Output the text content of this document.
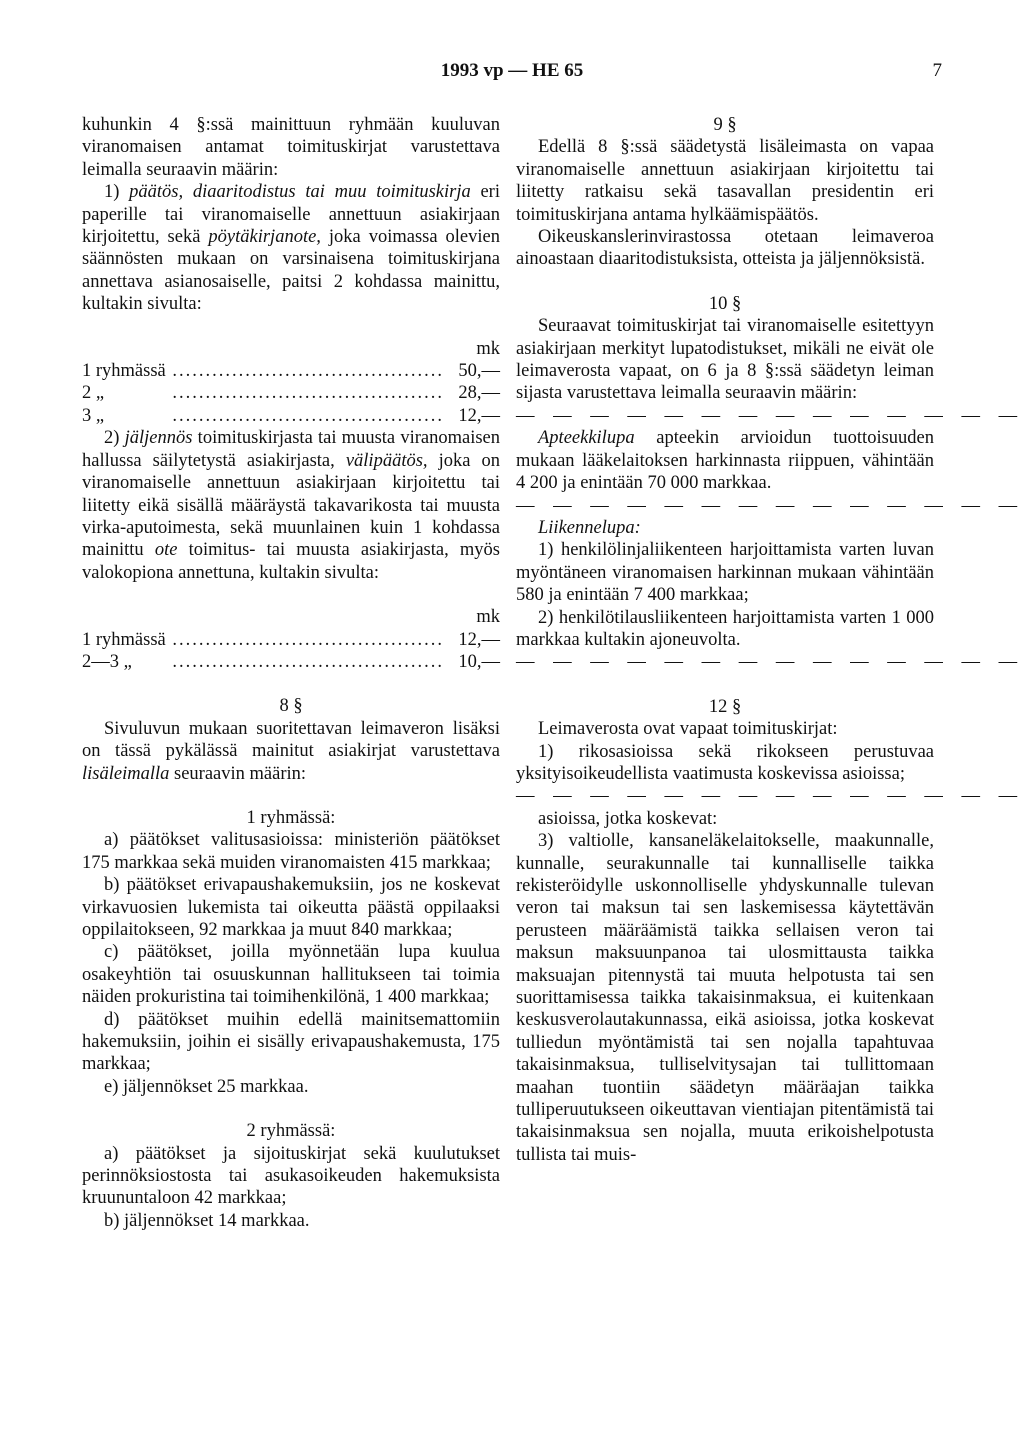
1993 vp — HE 65	7

kuhunkin 4 §:ssä mainittuun ryhmään kuuluvan viranomaisen antamat toimituskirjat varustettava leimalla seuraavin määrin:

1) päätös, diaaritodistus tai muu toimituskirja eri paperille tai viranomaiselle annettuun asiakirjaan kirjoitettu, sekä pöytäkirjanote, joka voimassa olevien säännösten mukaan on varsinaisena toimituskirjana annettava asianosaiselle, paitsi 2 kohdassa mainittu, kultakin sivulta:

mk

1 ryhmässä ......................................... 50,—
2 „	......................................... 28,—
3 „	......................................... 12,—

2) jäljennös toimituskirjasta tai muusta viranomaisen hallussa säilytetystä asiakirjasta, välipäätös, joka on viranomaiselle annettuun asiakirjaan kirjoitettu tai liitetty eikä sisällä määräystä takavarikosta tai muusta virka-aputoimesta, sekä muunlainen kuin 1 kohdassa mainittu ote toimitus- tai muusta asiakirjasta, myös valokopiona annettuna, kultakin sivulta:

mk

1 ryhmässä ......................................... 12,—
2—3 „	......................................... 10,—

8 §

Sivuluvun mukaan suoritettavan leimaveron lisäksi on tässä pykälässä mainitut asiakirjat varustettava lisäleimalla seuraavin määrin:

1 ryhmässä:

a) päätökset valitusasioissa: ministeriön päätökset 175 markkaa sekä muiden viranomaisten 415 markkaa;

b) päätökset erivapaushakemuksiin, jos ne koskevat virkavuosien lukemista tai oikeutta päästä oppilaaksi oppilaitokseen, 92 markkaa ja muut 840 markkaa;

c) päätökset, joilla myönnetään lupa kuulua osakeyhtiön tai osuuskunnan hallitukseen tai toimia näiden prokuristina tai toimihenkilönä, 1 400 markkaa;

d) päätökset muihin edellä mainitsemattomiin hakemuksiin, joihin ei sisälly erivapaushakemusta, 175 markkaa;

e) jäljennökset 25 markkaa.

2 ryhmässä:

a) päätökset ja sijoituskirjat sekä kuulutukset perinnöksiostosta tai asukasoikeuden hakemuksista kruununtaloon 42 markkaa;

b) jäljennökset 14 markkaa.

9 §

Edellä 8 §:ssä säädetystä lisäleimasta on vapaa viranomaiselle annettuun asiakirjaan kirjoitettu tai liitetty ratkaisu sekä tasavallan presidentin eri toimituskirjana antama hylkäämispäätös.

Oikeuskanslerinvirastossa otetaan leimaveroa ainoastaan diaaritodistuksista, otteista ja jäljennöksistä.

10 §

Seuraavat toimituskirjat tai viranomaiselle esitettyyn asiakirjaan merkityt lupatodistukset, mikäli ne eivät ole leimaverosta vapaat, on 6 ja 8 §:ssä säädetyn leiman sijasta varustettava leimalla seuraavin määrin:

— — — — — — — — — — — — — —

Apteekkilupa apteekin arvioidun tuottoisuuden mukaan lääkelaitoksen harkinnasta riippuen, vähintään 4 200 ja enintään 70 000 markkaa.

— — — — — — — — — — — — — —

Liikennelupa:

1) henkilölinjaliikenteen harjoittamista varten luvan myöntäneen viranomaisen harkinnan mukaan vähintään 580 ja enintään 7 400 markkaa;

2) henkilötilausliikenteen harjoittamista varten 1 000 markkaa kultakin ajoneuvolta.

— — — — — — — — — — — — — —

12 §

Leimaverosta ovat vapaat toimituskirjat:

1) rikosasioissa sekä rikokseen perustuvaa yksityisoikeudellista vaatimusta koskevissa asioissa;

— — — — — — — — — — — — — —

asioissa, jotka koskevat:

3) valtiolle, kansaneläkelaitokselle, maakunnalle, kunnalle, seurakunnalle tai kunnalliselle taikka rekisteröidylle uskonnolliselle yhdyskunnalle tulevan veron tai maksun tai sen laskemisessa käytettävän perusteen määräämistä taikka sellaisen veron tai maksun maksuunpanoa tai ulosmittausta taikka maksuajan pitennystä tai muuta helpotusta tai sen suorittamisessa taikka takaisinmaksua, ei kuitenkaan keskusverolautakunnassa, eikä asioissa, jotka koskevat tulliedun myöntämistä tai sen nojalla tapahtuvaa takaisinmaksua, tulliselvitysajan tai tullittomaan maahan tuontiin säädetyn määräajan taikka tulliperuutukseen oikeuttavan vientiajan pitentämistä tai takaisinmaksua sen nojalla, muuta erikoishelpotusta tullista tai muis-
